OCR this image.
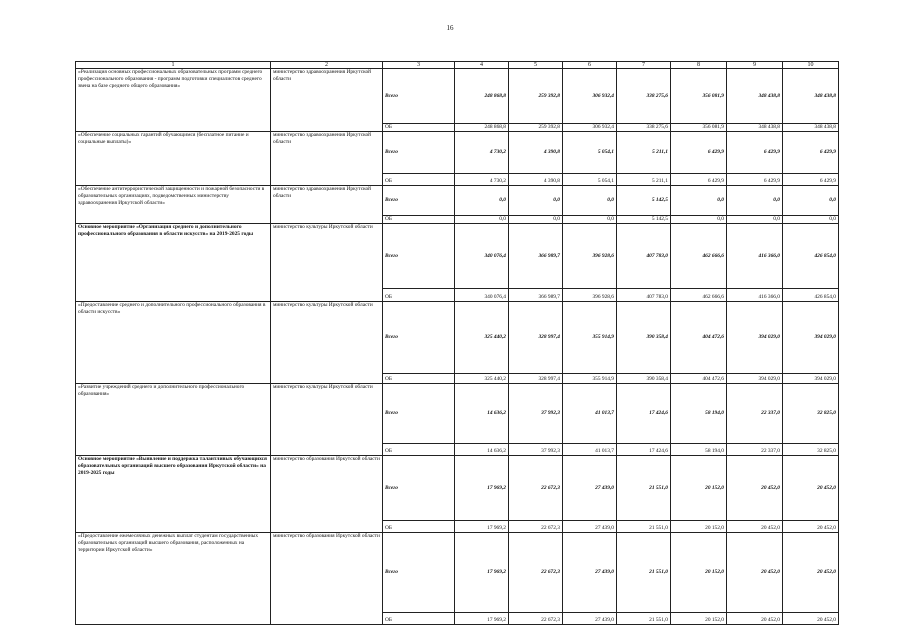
16
1	2	3	4	5	6	7	8	9	10
«Реализация основных профессиональных образовательных программ среднего профессионального образования - программ подготовки специалистов среднего звена на базе среднего общего образования»	министерство здравоохранения Иркутской области	Всего	248 868,8	259 392,8	306 932,4	338 275,6	356 081,9	348 438,8	348 438,8
		ОБ	248 868,8	259 392,8	306 932,4	338 275,6	356 081,9	348 438,8	348 438,8
«Обеспечение социальных гарантий обучающимся (бесплатное питание и социальные выплаты)»	министерство здравоохранения Иркутской области	Всего	4 730,2	4 390,8	5 054,1	5 211,1	6 429,9	6 429,9	6 429,9
		ОБ	4 730,2	4 390,8	5 054,1	5 211,1	6 429,9	6 429,9	6 429,9
«Обеспечение антитеррористической защищенности и пожарной безопасности в образовательных организациях, подведомственных министерству здравоохранения Иркутской области»	министерство здравоохранения Иркутской области	Всего	0,0	0,0	0,0	5 142,5	0,0	0,0	0,0
		ОБ	0,0	0,0	0,0	5 142,5	0,0	0,0	0,0
Основное мероприятие «Организация среднего и дополнительного профессионального образования в области искусств» на 2019-2025 годы	министерство культуры Иркутской области	Всего	340 076,4	366 989,7	396 928,6	407 783,0	462 666,6	416 366,0	426 854,0
		ОБ	340 076,4	366 989,7	396 928,6	407 783,0	462 666,6	416 366,0	426 854,0
«Предоставление среднего и дополнительного профессионального образования в области искусств»	министерство культуры Иркутской области	Всего	325 440,2	328 997,4	355 914,9	390 358,4	404 472,6	394 029,0	394 029,0
		ОБ	325 440,2	328 997,4	355 914,9	390 358,4	404 472,6	394 029,0	394 029,0
«Развитие учреждений среднего и дополнительного профессионального образования»	министерство культуры Иркутской области	Всего	14 636,2	37 992,3	41 013,7	17 424,6	58 194,0	22 337,0	32 825,0
		ОБ	14 636,2	37 992,3	41 013,7	17 424,6	58 194,0	22 337,0	32 825,0
Основное мероприятие «Выявление и поддержка талантливых обучающихся образовательных организаций высшего образования Иркутской области» на 2019-2025 годы	министерство образования Иркутской области	Всего	17 969,2	22 672,3	27 439,0	21 551,0	20 152,0	20 452,0	20 452,0
		ОБ	17 969,2	22 672,3	27 439,0	21 551,0	20 152,0	20 452,0	20 452,0
«Предоставление ежемесячных денежных выплат студентам государственных образовательных организаций высшего образования, расположенных на территории Иркутской области»	министерство образования Иркутской области	Всего	17 969,2	22 672,3	27 439,0	21 551,0	20 152,0	20 452,0	20 452,0
		ОБ	17 969,2	22 672,3	27 439,0	21 551,0	20 152,0	20 452,0	20 452,0
